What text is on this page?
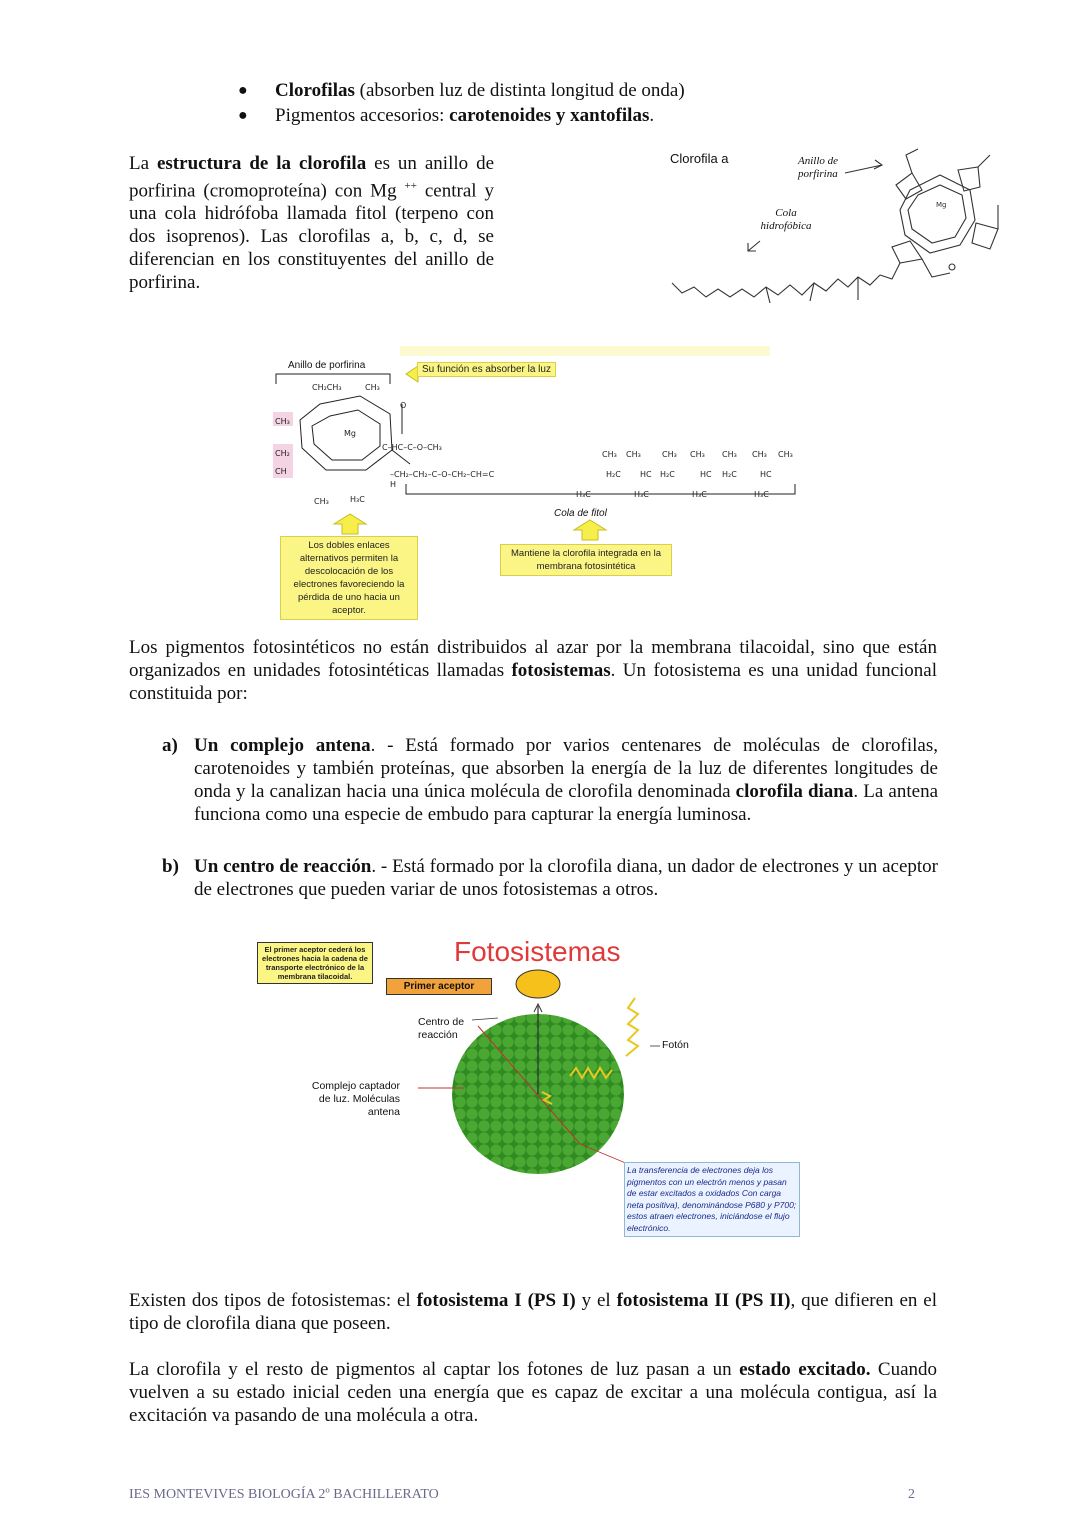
●	Clorofilas (absorben luz de distinta longitud de onda)
●	Pigmentos accesorios: carotenoides y xantofilas.
La estructura de la clorofila es un anillo de porfirina (cromoproteína) con Mg ++ central y una cola hidrófoba llamada fitol (terpeno con dos isoprenos). Las clorofilas a, b, c, d, se diferencian en los constituyentes del anillo de porfirina.
Clorofila a	Anillo de porfirina
Cola hidrofóbica
Mg
Anillo de porfirina
CH₂CH₃	CH₃
CH₃
Mg
O
C–HC–C–O–CH₃
CH₂
CH
CH₃	H₃C
H
–CH₂–CH₂–C–O–CH₂–CH=C
CH₃ CH₃	CH₃ CH₃ CH₃ CH₃ CH₃
H₂C HC H₂C	HC H₂C	HC
H₃C	H₃C	H₃C	H₃C
Su función es absorber la luz
Cola de fitol
Los dobles enlaces alternativos permiten la descolocación de los electrones favoreciendo la pérdida de uno hacia un aceptor.
Mantiene la clorofila integrada en la membrana fotosintética
Los pigmentos fotosintéticos no están distribuidos al azar por la membrana tilacoidal, sino que están organizados en unidades fotosintéticas llamadas fotosistemas. Un fotosistema es una unidad funcional constituida por:
a) Un complejo antena. - Está formado por varios centenares de moléculas de clorofilas, carotenoides y también proteínas, que absorben la energía de la luz de diferentes longitudes de onda y la canalizan hacia una única molécula de clorofila denominada clorofila diana. La antena funciona como una especie de embudo para capturar la energía luminosa.
b) Un centro de reacción. - Está formado por la clorofila diana, un dador de electrones y un aceptor de electrones que pueden variar de unos fotosistemas a otros.
Fotosistemas
El primer aceptor cederá los electrones hacia la cadena de transporte electrónico de la membrana tilacoidal.
Primer aceptor
Centro de reacción
Fotón
Complejo captador de luz. Moléculas antena
La transferencia de electrones deja los pigmentos con un electrón menos y pasan de estar excitados a oxidados Con carga neta positiva), denominándose P680 y P700; estos atraen electrones, iniciándose el flujo electrónico.
Existen dos tipos de fotosistemas: el fotosistema I (PS I) y el fotosistema II (PS II), que difieren en el tipo de clorofila diana que poseen.
La clorofila y el resto de pigmentos al captar los fotones de luz pasan a un estado excitado. Cuando vuelven a su estado inicial ceden una energía que es capaz de excitar a una molécula contigua, así la excitación va pasando de una molécula a otra.
IES MONTEVIVES BIOLOGÍA 2º BACHILLERATO	2
